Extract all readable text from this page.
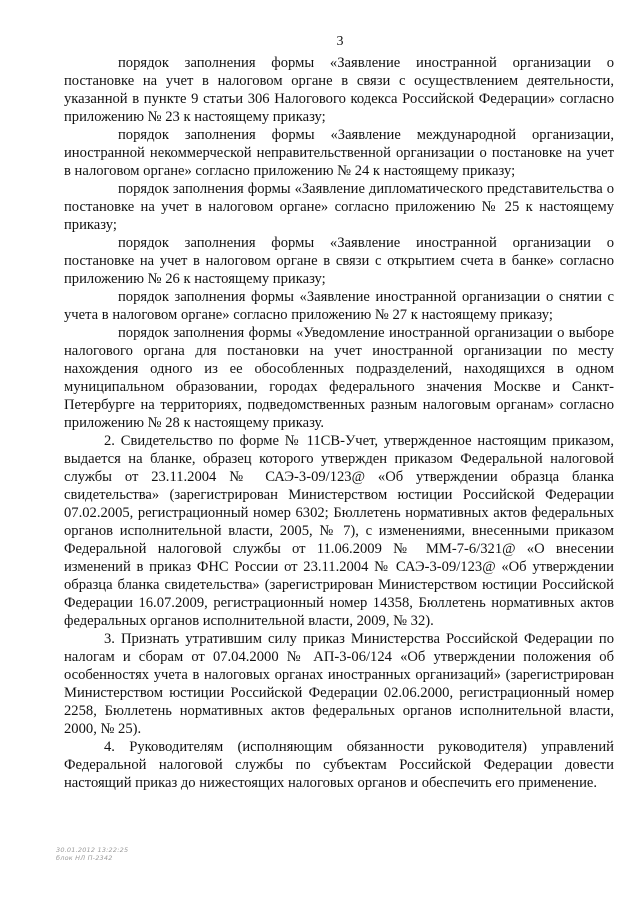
3

порядок заполнения формы «Заявление иностранной организации о постановке на учет в налоговом органе в связи с осуществлением деятельности, указанной в пункте 9 статьи 306 Налогового кодекса Российской Федерации» согласно приложению № 23 к настоящему приказу;

порядок заполнения формы «Заявление международной организации, иностранной некоммерческой неправительственной организации о постановке на учет в налоговом органе» согласно приложению № 24 к настоящему приказу;

порядок заполнения формы «Заявление дипломатического представительства о постановке на учет в налоговом органе» согласно приложению № 25 к настоящему приказу;

порядок заполнения формы «Заявление иностранной организации о постановке на учет в налоговом органе в связи с открытием счета в банке» согласно приложению № 26 к настоящему приказу;

порядок заполнения формы «Заявление иностранной организации о снятии с учета в налоговом органе» согласно приложению № 27 к настоящему приказу;

порядок заполнения формы «Уведомление иностранной организации о выборе налогового органа для постановки на учет иностранной организации по месту нахождения одного из ее обособленных подразделений, находящихся в одном муниципальном образовании, городах федерального значения Москве и Санкт-Петербурге на территориях, подведомственных разным налоговым органам» согласно приложению № 28 к настоящему приказу.

2. Свидетельство по форме № 11СВ-Учет, утвержденное настоящим приказом, выдается на бланке, образец которого утвержден приказом Федеральной налоговой службы от 23.11.2004 № САЭ-3-09/123@ «Об утверждении образца бланка свидетельства» (зарегистрирован Министерством юстиции Российской Федерации 07.02.2005, регистрационный номер 6302; Бюллетень нормативных актов федеральных органов исполнительной власти, 2005, № 7), с изменениями, внесенными приказом Федеральной налоговой службы от 11.06.2009 № ММ-7-6/321@ «О внесении изменений в приказ ФНС России от 23.11.2004 № САЭ-3-09/123@ «Об утверждении образца бланка свидетельства» (зарегистрирован Министерством юстиции Российской Федерации 16.07.2009, регистрационный номер 14358, Бюллетень нормативных актов федеральных органов исполнительной власти, 2009, № 32).

3. Признать утратившим силу приказ Министерства Российской Федерации по налогам и сборам от 07.04.2000 № АП-3-06/124 «Об утверждении положения об особенностях учета в налоговых органах иностранных организаций» (зарегистрирован Министерством юстиции Российской Федерации 02.06.2000, регистрационный номер 2258, Бюллетень нормативных актов федеральных органов исполнительной власти, 2000, № 25).

4. Руководителям (исполняющим обязанности руководителя) управлений Федеральной налоговой службы по субъектам Российской Федерации довести настоящий приказ до нижестоящих налоговых органов и обеспечить его применение.

30.01.2012 13:22:25
блок НЛ П-2342
